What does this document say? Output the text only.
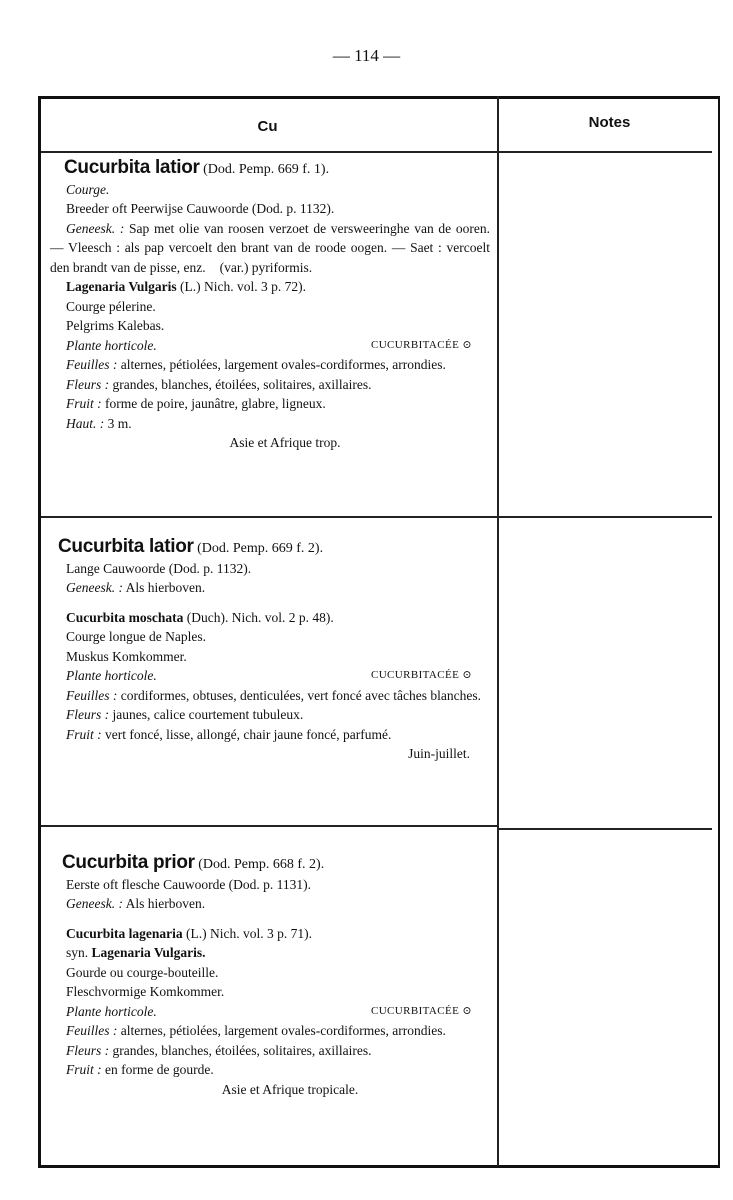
— 114 —
Cu	Notes
Cucurbita latior (Dod. Pemp. 669 f. 1).
Courge.
Breeder oft Peerwijse Cauwoorde (Dod. p. 1132).
Geneesk. : Sap met olie van roosen verzoet de versweeringhe van de ooren. — Vleesch : als pap vercoelt den brant van de roode oogen. — Saet : vercoelt den brandt van de pisse, enz. (var.) pyriformis.
Lagenaria Vulgaris (L.) Nich. vol. 3 p. 72).
Courge pélerine.
Pelgrims Kalebas.
Plante horticole.	CUCURBITACÉE ⊙
Feuilles : alternes, pétiolées, largement ovales-cordiformes, arrondies.
Fleurs : grandes, blanches, étoilées, solitaires, axillaires.
Fruit : forme de poire, jaunâtre, glabre, ligneux.
Haut. : 3 m.
Asie et Afrique trop.
Cucurbita latior (Dod. Pemp. 669 f. 2).
Lange Cauwoorde (Dod. p. 1132).
Geneesk. : Als hierboven.
Cucurbita moschata (Duch). Nich. vol. 2 p. 48).
Courge longue de Naples.
Muskus Komkommer.
Plante horticole.	CUCURBITACÉE ⊙
Feuilles : cordiformes, obtuses, denticulées, vert foncé avec tâches blanches.
Fleurs : jaunes, calice courtement tubuleux.
Fruit : vert foncé, lisse, allongé, chair jaune foncé, parfumé.
Juin-juillet.
Cucurbita prior (Dod. Pemp. 668 f. 2).
Eerste oft flesche Cauwoorde (Dod. p. 1131).
Geneesk. : Als hierboven.
Cucurbita lagenaria (L.) Nich. vol. 3 p. 71).
syn. Lagenaria Vulgaris.
Gourde ou courge-bouteille.
Fleschvormige Komkommer.
Plante horticole.	CUCURBITACÉE ⊙
Feuilles : alternes, pétiolées, largement ovales-cordiformes, arrondies.
Fleurs : grandes, blanches, étoilées, solitaires, axillaires.
Fruit : en forme de gourde.
Asie et Afrique tropicale.
